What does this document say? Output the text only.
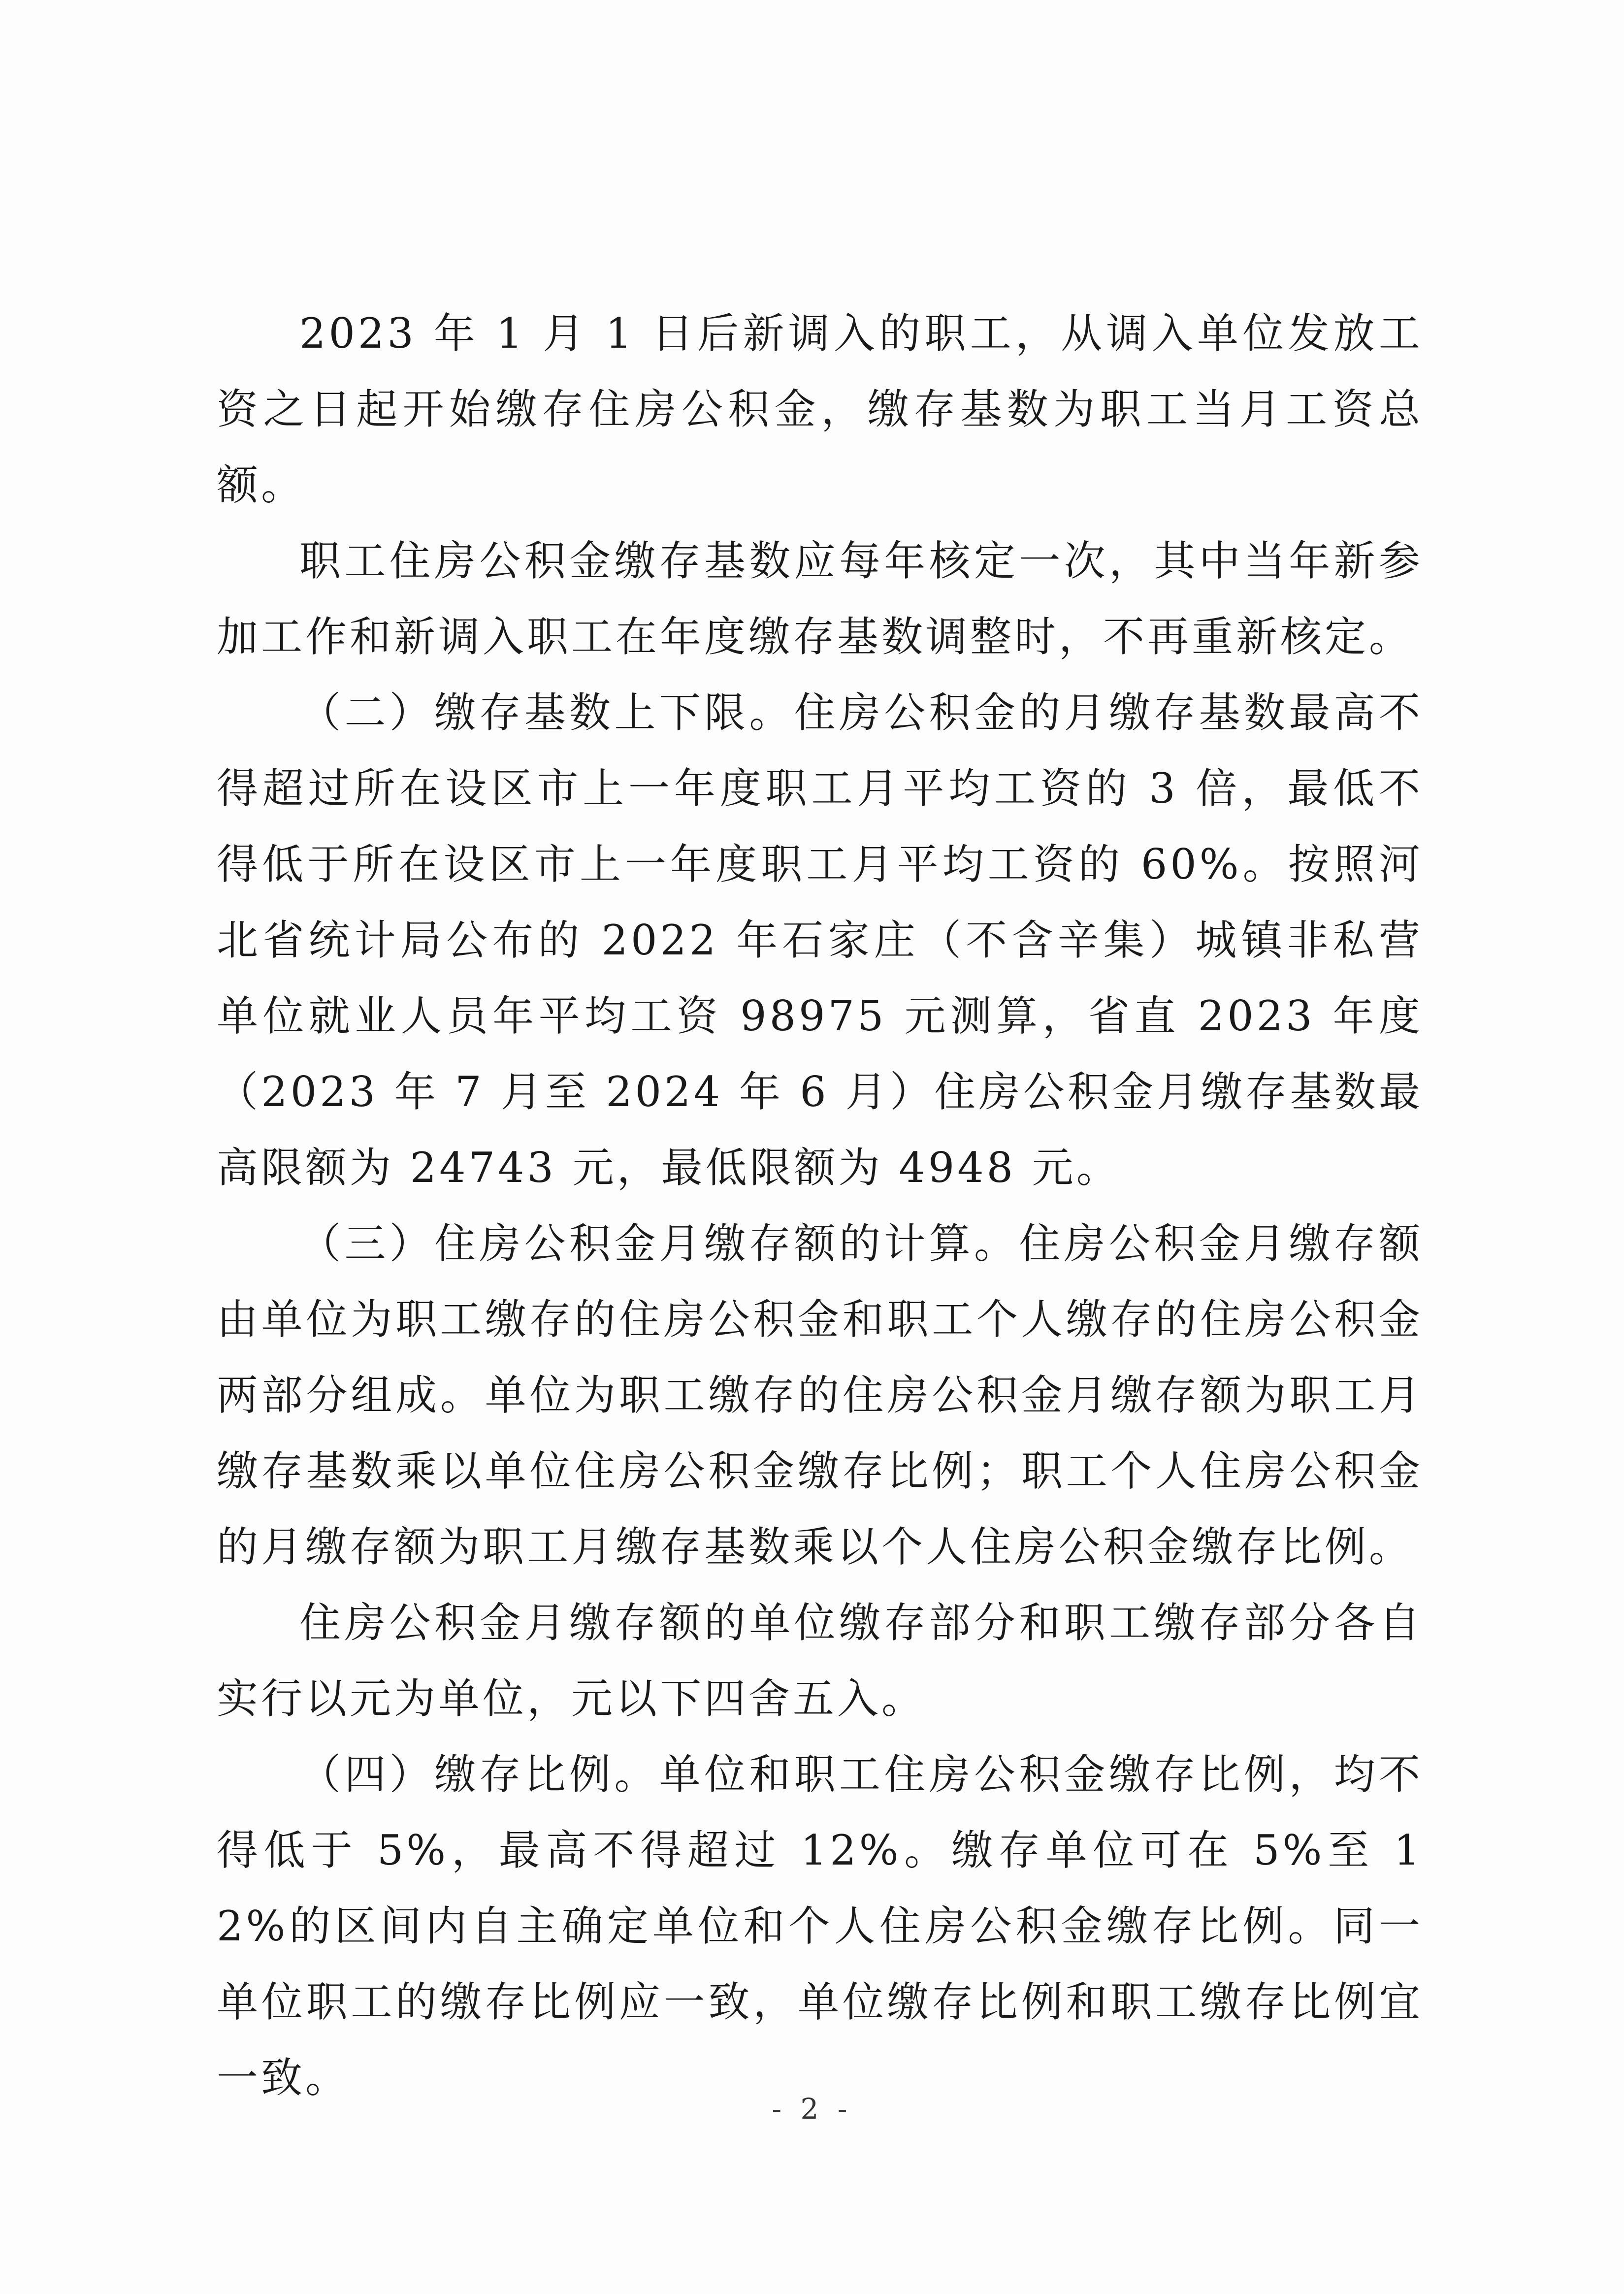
2023 年 1 月 1 日后新调入的职工，从调入单位发放工资之日起开始缴存住房公积金，缴存基数为职工当月工资总额。

职工住房公积金缴存基数应每年核定一次，其中当年新参加工作和新调入职工在年度缴存基数调整时，不再重新核定。

（二）缴存基数上下限。住房公积金的月缴存基数最高不得超过所在设区市上一年度职工月平均工资的 3 倍，最低不得低于所在设区市上一年度职工月平均工资的 60%。按照河北省统计局公布的 2022 年石家庄（不含辛集）城镇非私营单位就业人员年平均工资 98975 元测算，省直 2023 年度（2023 年 7 月至 2024 年 6 月）住房公积金月缴存基数最高限额为 24743 元，最低限额为 4948 元。

（三）住房公积金月缴存额的计算。住房公积金月缴存额由单位为职工缴存的住房公积金和职工个人缴存的住房公积金两部分组成。单位为职工缴存的住房公积金月缴存额为职工月缴存基数乘以单位住房公积金缴存比例；职工个人住房公积金的月缴存额为职工月缴存基数乘以个人住房公积金缴存比例。

住房公积金月缴存额的单位缴存部分和职工缴存部分各自实行以元为单位，元以下四舍五入。

（四）缴存比例。单位和职工住房公积金缴存比例，均不得低于 5%，最高不得超过 12%。缴存单位可在 5%至 12%的区间内自主确定单位和个人住房公积金缴存比例。同一单位职工的缴存比例应一致，单位缴存比例和职工缴存比例宜一致。

- 2 -
